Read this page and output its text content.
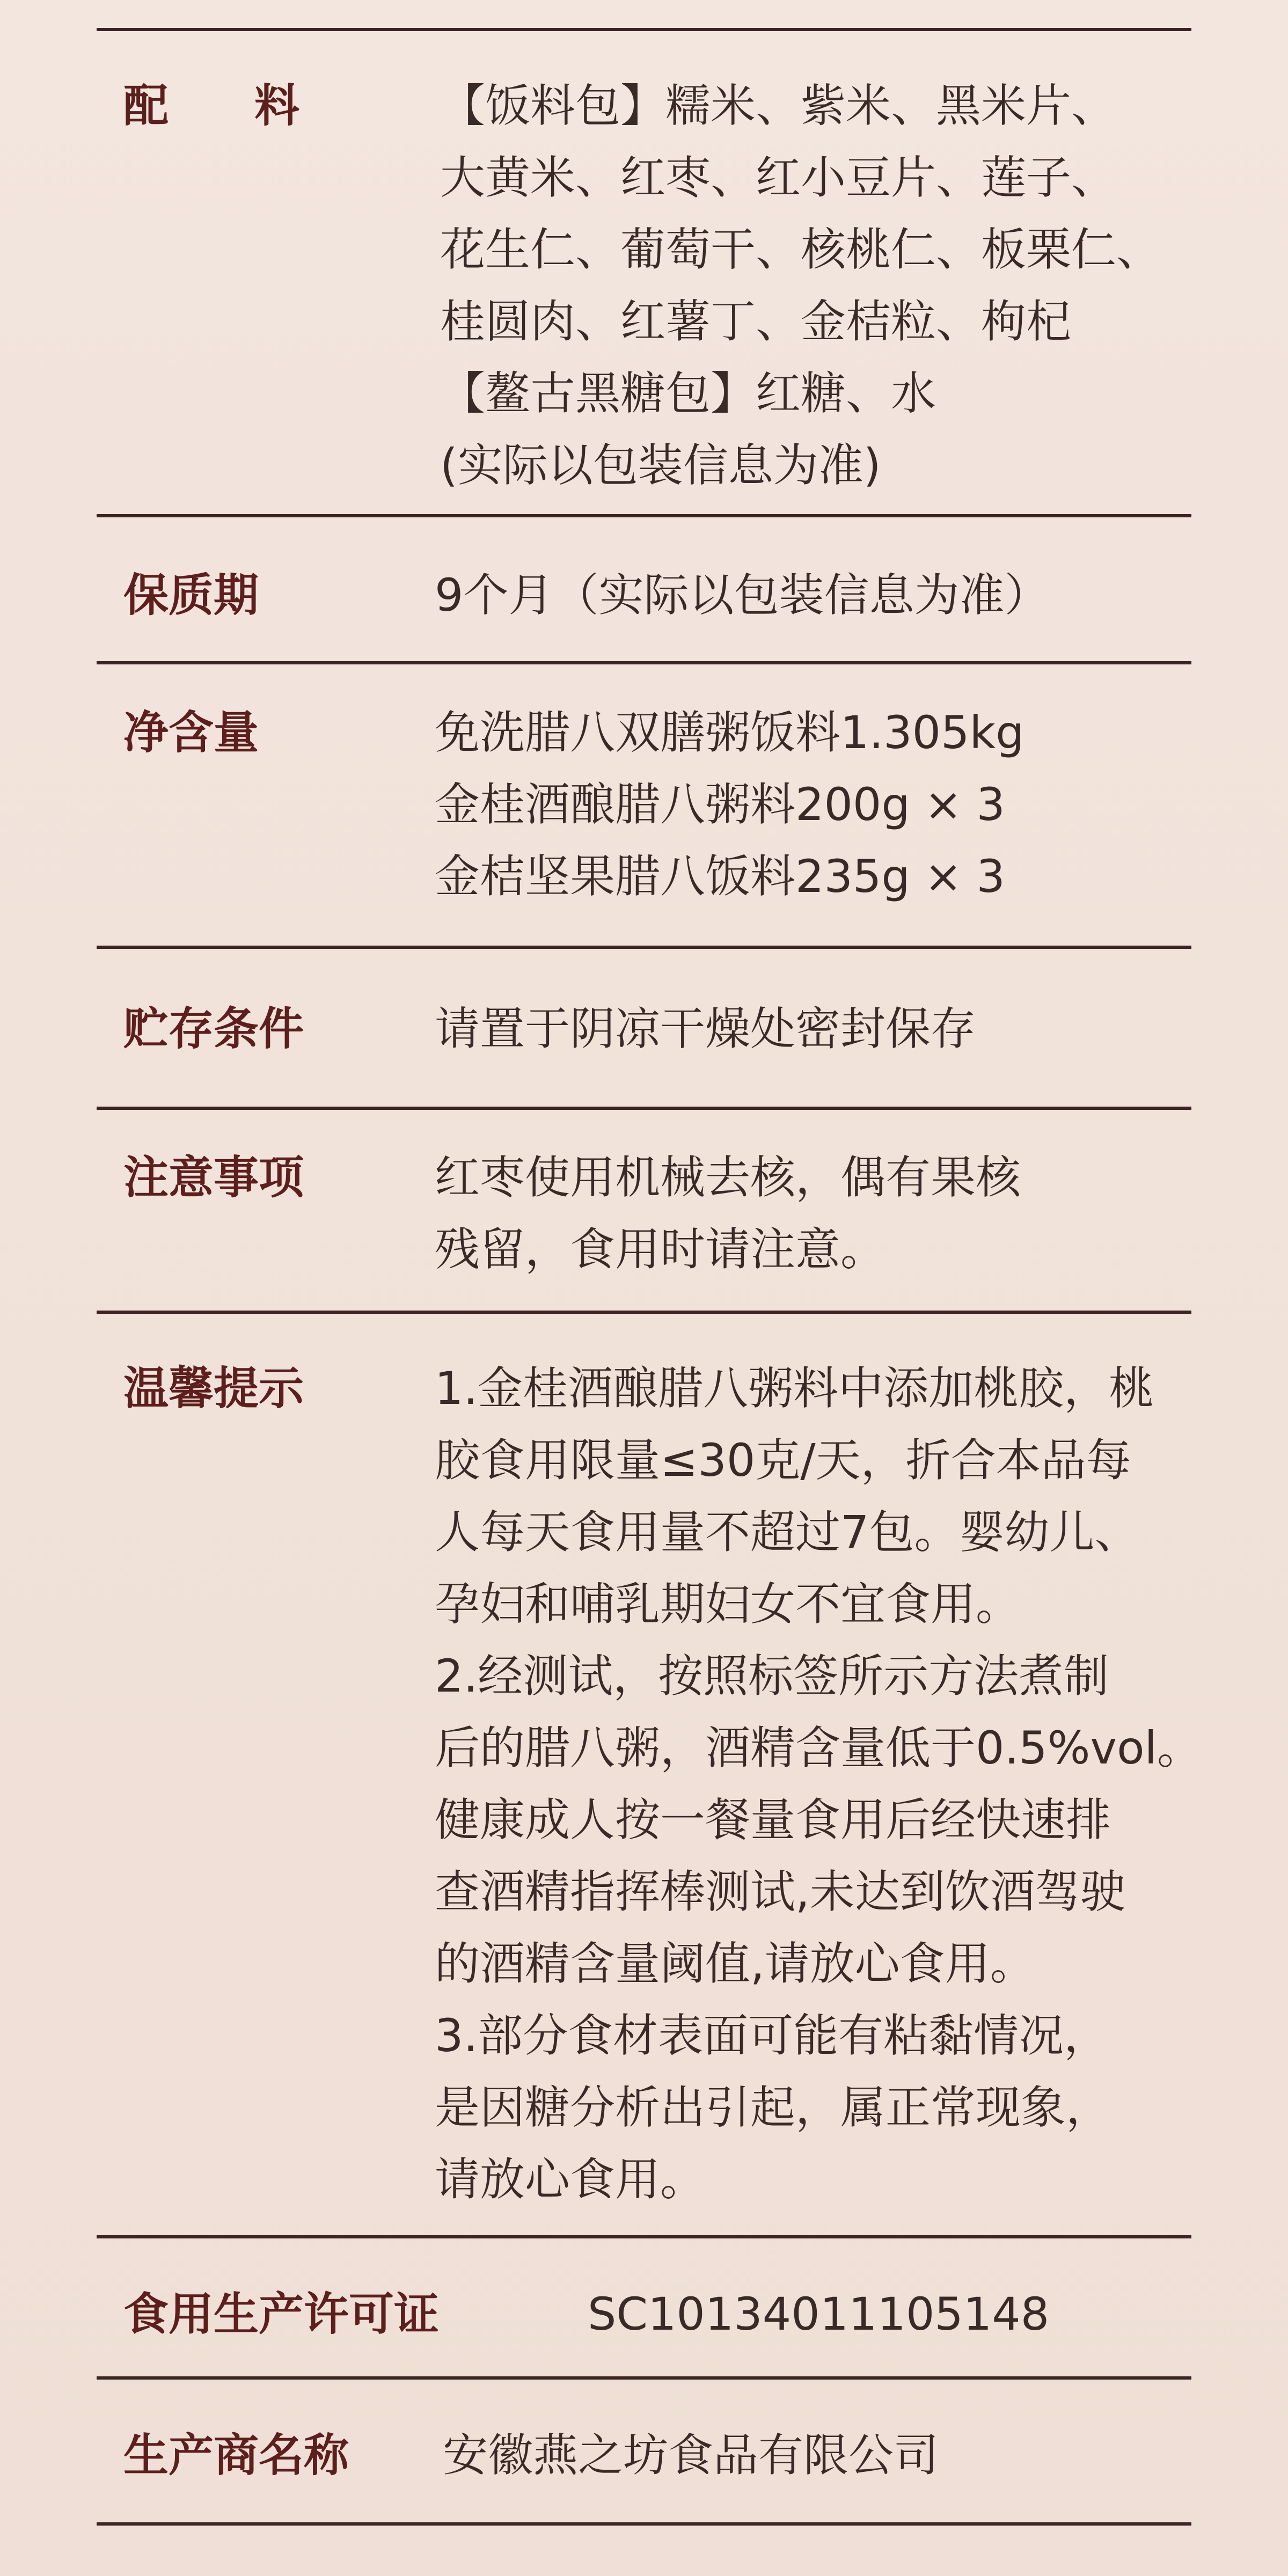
配料 【饭料包】糯米、紫米、黑米片、
大黄米、红枣、红小豆片、莲子、
花生仁、葡萄干、核桃仁、板栗仁、
桂圆肉、红薯丁、金桔粒、枸杞
【鳌古黑糖包】红糖、水
(实际以包装信息为准)
保质期	9个月（实际以包装信息为准）
净含量	免洗腊八双膳粥饭料1.305kg
金桂酒酿腊八粥料200g × 3
金桔坚果腊八饭料235g × 3
贮存条件	请置于阴凉干燥处密封保存
注意事项	红枣使用机械去核，偶有果核
残留，食用时请注意。
温馨提示	1.金桂酒酿腊八粥料中添加桃胶，桃
胶食用限量≤30克/天，折合本品每
人每天食用量不超过7包。婴幼儿、
孕妇和哺乳期妇女不宜食用。
2.经测试，按照标签所示方法煮制
后的腊八粥，酒精含量低于0.5%vol。
健康成人按一餐量食用后经快速排
查酒精指挥棒测试,未达到饮酒驾驶
的酒精含量阈值,请放心食用。
3.部分食材表面可能有粘黏情况，
是因糖分析出引起，属正常现象，
请放心食用。
食用生产许可证	SC10134011105148
生产商名称 安徽燕之坊食品有限公司
